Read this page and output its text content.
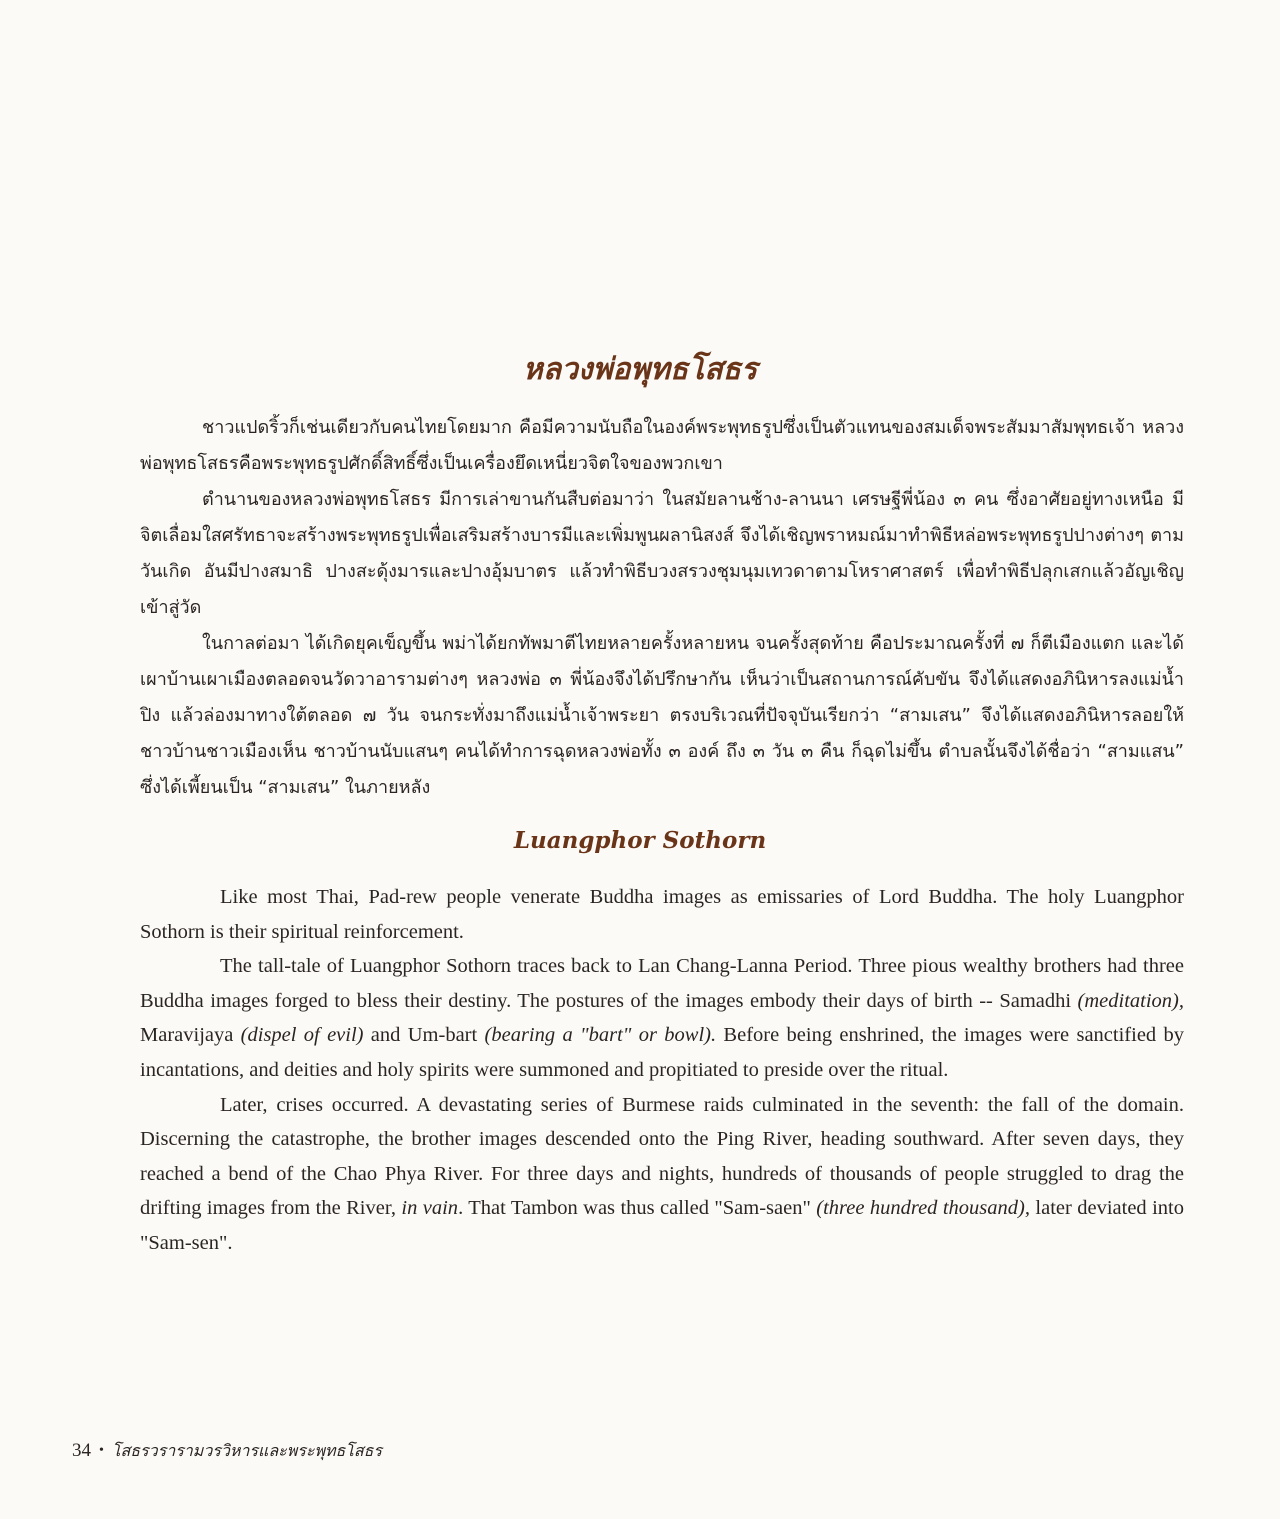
หลวงพ่อพุทธโสธร

ชาวแปดริ้วก็เช่นเดียวกับคนไทยโดยมาก คือมีความนับถือในองค์พระพุทธรูปซึ่งเป็นตัวแทนของสมเด็จพระสัมมาสัมพุทธเจ้า หลวงพ่อพุทธโสธรคือพระพุทธรูปศักดิ์สิทธิ์ซึ่งเป็นเครื่องยึดเหนี่ยวจิตใจของพวกเขา

ตำนานของหลวงพ่อพุทธโสธร มีการเล่าขานกันสืบต่อมาว่า ในสมัยลานช้าง-ลานนา เศรษฐีพี่น้อง ๓ คน ซึ่งอาศัยอยู่ทางเหนือ มีจิตเลื่อมใสศรัทธาจะสร้างพระพุทธรูปเพื่อเสริมสร้างบารมีและเพิ่มพูนผลานิสงส์ จึงได้เชิญพราหมณ์มาทำพิธีหล่อพระพุทธรูปปางต่างๆ ตามวันเกิด อันมีปางสมาธิ ปางสะดุ้งมารและปางอุ้มบาตร แล้วทำพิธีบวงสรวงชุมนุมเทวดาตามโหราศาสตร์ เพื่อทำพิธีปลุกเสกแล้วอัญเชิญเข้าสู่วัด

ในกาลต่อมา ได้เกิดยุคเข็ญขึ้น พม่าได้ยกทัพมาตีไทยหลายครั้งหลายหน จนครั้งสุดท้าย คือประมาณครั้งที่ ๗ ก็ตีเมืองแตก และได้เผาบ้านเผาเมืองตลอดจนวัดวาอารามต่างๆ หลวงพ่อ ๓ พี่น้องจึงได้ปรึกษากัน เห็นว่าเป็นสถานการณ์คับขัน จึงได้แสดงอภินิหารลงแม่น้ำปิง แล้วล่องมาทางใต้ตลอด ๗ วัน จนกระทั่งมาถึงแม่น้ำเจ้าพระยา ตรงบริเวณที่ปัจจุบันเรียกว่า “สามเสน” จึงได้แสดงอภินิหารลอยให้ชาวบ้านชาวเมืองเห็น ชาวบ้านนับแสนๆ คนได้ทำการฉุดหลวงพ่อทั้ง ๓ องค์ ถึง ๓ วัน ๓ คืน ก็ฉุดไม่ขึ้น ตำบลนั้นจึงได้ชื่อว่า “สามแสน” ซึ่งได้เพี้ยนเป็น “สามเสน” ในภายหลัง

Luangphor Sothorn

Like most Thai, Pad-rew people venerate Buddha images as emissaries of Lord Buddha. The holy Luangphor Sothorn is their spiritual reinforcement.

The tall-tale of Luangphor Sothorn traces back to Lan Chang-Lanna Period. Three pious wealthy brothers had three Buddha images forged to bless their destiny. The postures of the images embody their days of birth -- Samadhi (meditation), Maravijaya (dispel of evil) and Um-bart (bearing a "bart" or bowl). Before being enshrined, the images were sanctified by incantations, and deities and holy spirits were summoned and propitiated to preside over the ritual.

Later, crises occurred. A devastating series of Burmese raids culminated in the seventh: the fall of the domain. Discerning the catastrophe, the brother images descended onto the Ping River, heading southward. After seven days, they reached a bend of the Chao Phya River. For three days and nights, hundreds of thousands of people struggled to drag the drifting images from the River, in vain. That Tambon was thus called "Sam-saen" (three hundred thousand), later deviated into "Sam-sen".

34 • โสธรวรารามวรวิหารและพระพุทธโสธร
